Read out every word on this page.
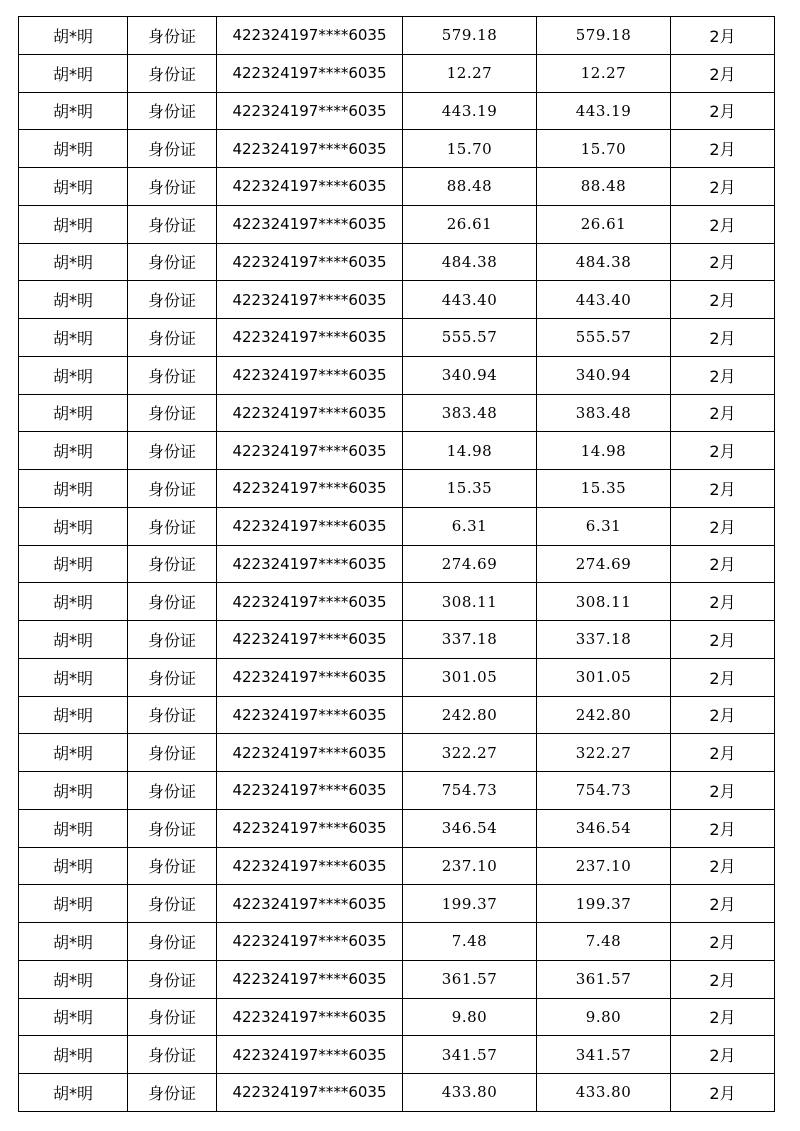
胡*明	身份证	422324197****6035	579.18	579.18	2月
胡*明	身份证	422324197****6035	12.27	12.27	2月
胡*明	身份证	422324197****6035	443.19	443.19	2月
胡*明	身份证	422324197****6035	15.70	15.70	2月
胡*明	身份证	422324197****6035	88.48	88.48	2月
胡*明	身份证	422324197****6035	26.61	26.61	2月
胡*明	身份证	422324197****6035	484.38	484.38	2月
胡*明	身份证	422324197****6035	443.40	443.40	2月
胡*明	身份证	422324197****6035	555.57	555.57	2月
胡*明	身份证	422324197****6035	340.94	340.94	2月
胡*明	身份证	422324197****6035	383.48	383.48	2月
胡*明	身份证	422324197****6035	14.98	14.98	2月
胡*明	身份证	422324197****6035	15.35	15.35	2月
胡*明	身份证	422324197****6035	6.31	6.31	2月
胡*明	身份证	422324197****6035	274.69	274.69	2月
胡*明	身份证	422324197****6035	308.11	308.11	2月
胡*明	身份证	422324197****6035	337.18	337.18	2月
胡*明	身份证	422324197****6035	301.05	301.05	2月
胡*明	身份证	422324197****6035	242.80	242.80	2月
胡*明	身份证	422324197****6035	322.27	322.27	2月
胡*明	身份证	422324197****6035	754.73	754.73	2月
胡*明	身份证	422324197****6035	346.54	346.54	2月
胡*明	身份证	422324197****6035	237.10	237.10	2月
胡*明	身份证	422324197****6035	199.37	199.37	2月
胡*明	身份证	422324197****6035	7.48	7.48	2月
胡*明	身份证	422324197****6035	361.57	361.57	2月
胡*明	身份证	422324197****6035	9.80	9.80	2月
胡*明	身份证	422324197****6035	341.57	341.57	2月
胡*明	身份证	422324197****6035	433.80	433.80	2月
